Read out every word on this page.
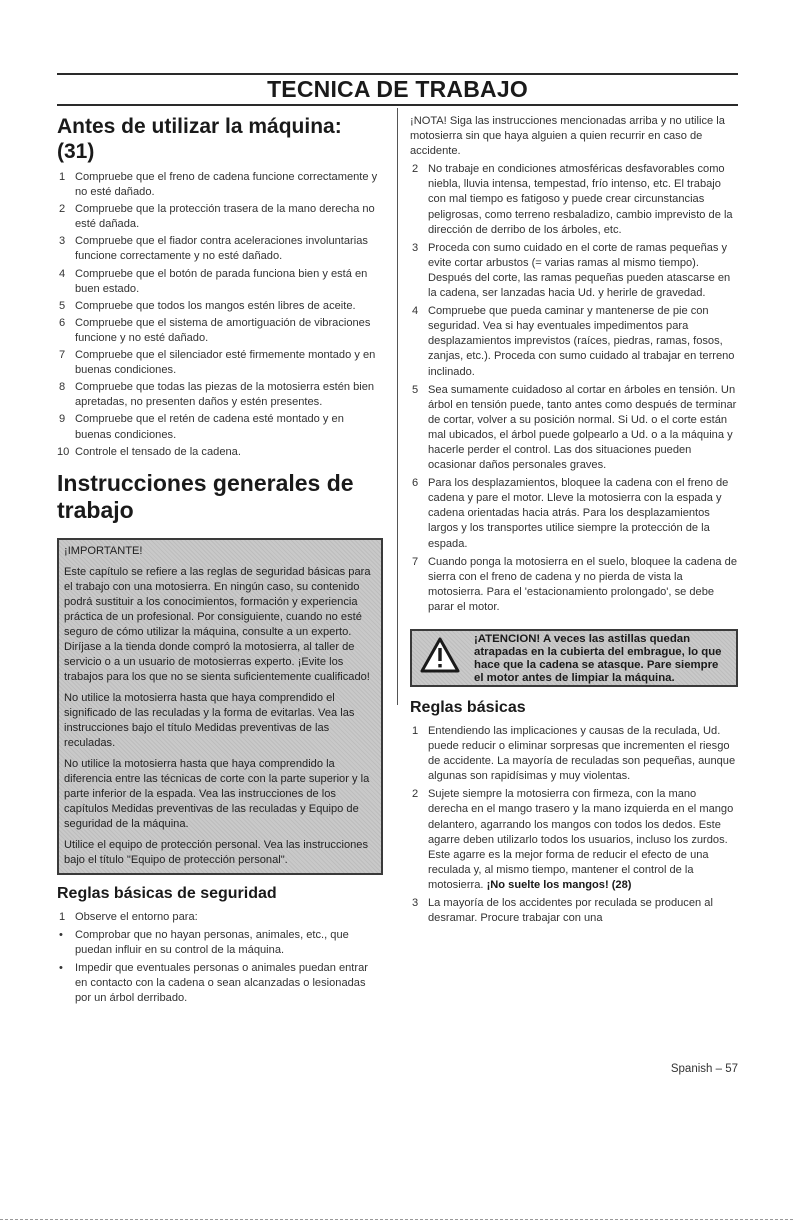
TECNICA DE TRABAJO
Antes de utilizar la máquina: (31)
1 Compruebe que el freno de cadena funcione correctamente y no esté dañado.
2 Compruebe que la protección trasera de la mano derecha no esté dañada.
3 Compruebe que el fiador contra aceleraciones involuntarias funcione correctamente y no esté dañado.
4 Compruebe que el botón de parada funciona bien y está en buen estado.
5 Compruebe que todos los mangos estén libres de aceite.
6 Compruebe que el sistema de amortiguación de vibraciones funcione y no esté dañado.
7 Compruebe que el silenciador esté firmemente montado y en buenas condiciones.
8 Compruebe que todas las piezas de la motosierra estén bien apretadas, no presenten daños y estén presentes.
9 Compruebe que el retén de cadena esté montado y en buenas condiciones.
10 Controle el tensado de la cadena.
Instrucciones generales de trabajo

¡IMPORTANTE!

Este capítulo se refiere a las reglas de seguridad básicas para el trabajo con una motosierra. En ningún caso, su contenido podrá sustituir a los conocimientos, formación y experiencia práctica de un profesional. Por consiguiente, cuando no esté seguro de cómo utilizar la máquina, consulte a un experto. Diríjase a la tienda donde compró la motosierra, al taller de servicio o a un usuario de motosierras experto. ¡Evite los trabajos para los que no se sienta suficientemente cualificado!

No utilice la motosierra hasta que haya comprendido el significado de las reculadas y la forma de evitarlas. Vea las instrucciones bajo el título Medidas preventivas de las reculadas.

No utilice la motosierra hasta que haya comprendido la diferencia entre las técnicas de corte con la parte superior y la parte inferior de la espada. Vea las instrucciones de los capítulos Medidas preventivas de las reculadas y Equipo de seguridad de la máquina.

Utilice el equipo de protección personal. Vea las instrucciones bajo el título "Equipo de protección personal".

Reglas básicas de seguridad
1 Observe el entorno para:
• Comprobar que no hayan personas, animales, etc., que puedan influir en su control de la máquina.
• Impedir que eventuales personas o animales puedan entrar en contacto con la cadena o sean alcanzadas o lesionadas por un árbol derribado.

¡NOTA! Siga las instrucciones mencionadas arriba y no utilice la motosierra sin que haya alguien a quien recurrir en caso de accidente.

2 No trabaje en condiciones atmosféricas desfavorables como niebla, lluvia intensa, tempestad, frío intenso, etc. El trabajo con mal tiempo es fatigoso y puede crear circunstancias peligrosas, como terreno resbaladizo, cambio imprevisto de la dirección de derribo de los árboles, etc.
3 Proceda con sumo cuidado en el corte de ramas pequeñas y evite cortar arbustos (= varias ramas al mismo tiempo). Después del corte, las ramas pequeñas pueden atascarse en la cadena, ser lanzadas hacia Ud. y herirle de gravedad.
4 Compruebe que pueda caminar y mantenerse de pie con seguridad. Vea si hay eventuales impedimentos para desplazamientos imprevistos (raíces, piedras, ramas, fosos, zanjas, etc.). Proceda con sumo cuidado al trabajar en terreno inclinado.
5 Sea sumamente cuidadoso al cortar en árboles en tensión. Un árbol en tensión puede, tanto antes como después de terminar de cortar, volver a su posición normal. Si Ud. o el corte están mal ubicados, el árbol puede golpearlo a Ud. o a la máquina y hacerle perder el control. Las dos situaciones pueden ocasionar daños personales graves.
6 Para los desplazamientos, bloquee la cadena con el freno de cadena y pare el motor. Lleve la motosierra con la espada y cadena orientadas hacia atrás. Para los desplazamientos largos y los transportes utilice siempre la protección de la espada.
7 Cuando ponga la motosierra en el suelo, bloquee la cadena de sierra con el freno de cadena y no pierda de vista la motosierra. Para el 'estacionamiento prolongado', se debe parar el motor.
¡ATENCION! A veces las astillas quedan atrapadas en la cubierta del embrague, lo que hace que la cadena se atasque. Pare siempre el motor antes de limpiar la máquina.
Reglas básicas
1 Entendiendo las implicaciones y causas de la reculada, Ud. puede reducir o eliminar sorpresas que incrementen el riesgo de accidente. La mayoría de reculadas son pequeñas, aunque algunas son rapidísimas y muy violentas.
2 Sujete siempre la motosierra con firmeza, con la mano derecha en el mango trasero y la mano izquierda en el mango delantero, agarrando los mangos con todos los dedos. Este agarre deben utilizarlo todos los usuarios, incluso los zurdos. Este agarre es la mejor forma de reducir el efecto de una reculada y, al mismo tiempo, mantener el control de la motosierra. ¡No suelte los mangos! (28)
3 La mayoría de los accidentes por reculada se producen al desramar. Procure trabajar con una
Spanish – 57
